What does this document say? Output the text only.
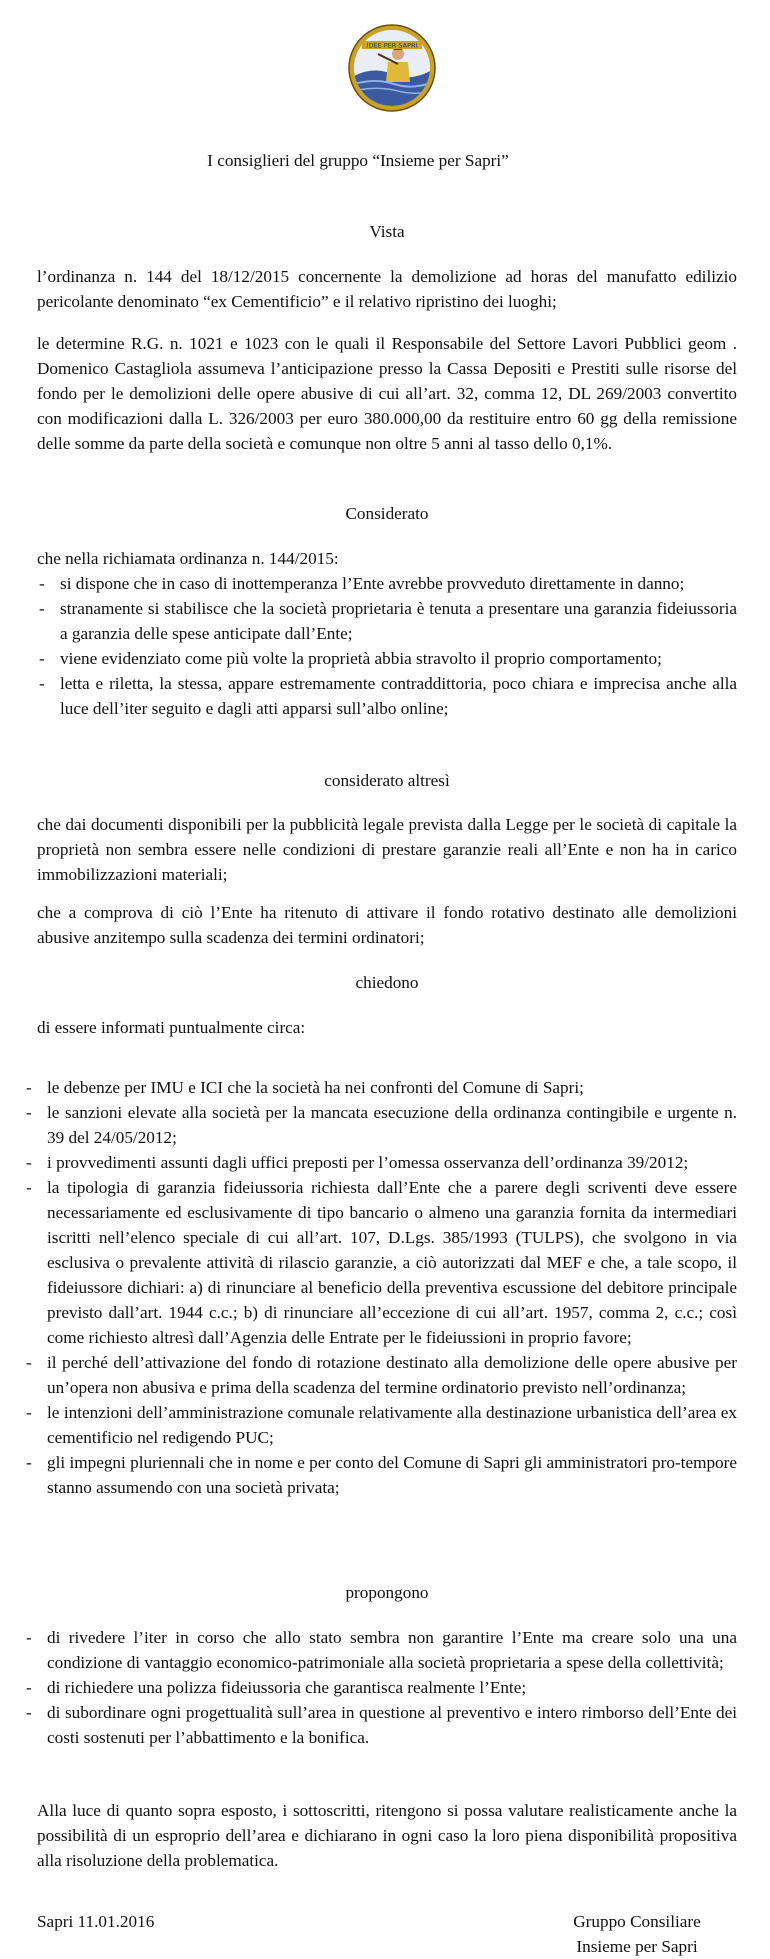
IDEE PER SAPRI
I consiglieri del gruppo “Insieme per Sapri”
Vista

l’ordinanza n. 144 del 18/12/2015 concernente la demolizione ad horas del manufatto edilizio pericolante denominato “ex Cementificio” e il relativo ripristino dei luoghi;

le determine R.G. n. 1021 e 1023 con le quali il Responsabile del Settore Lavori Pubblici geom . Domenico Castagliola assumeva l’anticipazione presso la Cassa Depositi e Prestiti sulle risorse del fondo per le demolizioni delle opere abusive di cui all’art. 32, comma 12, DL 269/2003 convertito con modificazioni dalla L. 326/2003 per euro 380.000,00 da restituire entro 60 gg della remissione delle somme da parte della società e comunque non oltre 5 anni al tasso dello 0,1%.

Considerato

che nella richiamata ordinanza n. 144/2015:

- si dispone che in caso di inottemperanza l’Ente avrebbe provveduto direttamente in danno;
- stranamente si stabilisce che la società proprietaria è tenuta a presentare una garanzia fideiussoria a garanzia delle spese anticipate dall’Ente;
- viene evidenziato come più volte la proprietà abbia stravolto il proprio comportamento;
- letta e riletta, la stessa, appare estremamente contraddittoria, poco chiara e imprecisa anche alla luce dell’iter seguito e dagli atti apparsi sull’albo online;
considerato altresì

che dai documenti disponibili per la pubblicità legale prevista dalla Legge per le società di capitale la proprietà non sembra essere nelle condizioni di prestare garanzie reali all’Ente e non ha in carico immobilizzazioni materiali;

che a comprova di ciò l’Ente ha ritenuto di attivare il fondo rotativo destinato alle demolizioni abusive anzitempo sulla scadenza dei termini ordinatori;

chiedono

di essere informati puntualmente circa:

- le debenze per IMU e ICI che la società ha nei confronti del Comune di Sapri;
- le sanzioni elevate alla società per la mancata esecuzione della ordinanza contingibile e urgente n. 39 del 24/05/2012;
- i provvedimenti assunti dagli uffici preposti per l’omessa osservanza dell’ordinanza 39/2012;
- la tipologia di garanzia fideiussoria richiesta dall’Ente che a parere degli scriventi deve essere necessariamente ed esclusivamente di tipo bancario o almeno una garanzia fornita da intermediari iscritti nell’elenco speciale di cui all’art. 107, D.Lgs. 385/1993 (TULPS), che svolgono in via esclusiva o prevalente attività di rilascio garanzie, a ciò autorizzati dal MEF e che, a tale scopo, il fideiussore dichiari: a) di rinunciare al beneficio della preventiva escussione del debitore principale previsto dall’art. 1944 c.c.; b) di rinunciare all’eccezione di cui all’art. 1957, comma 2, c.c.; così come richiesto altresì dall’Agenzia delle Entrate per le fideiussioni in proprio favore;
- il perché dell’attivazione del fondo di rotazione destinato alla demolizione delle opere abusive per un’opera non abusiva e prima della scadenza del termine ordinatorio previsto nell’ordinanza;
- le intenzioni dell’amministrazione comunale relativamente alla destinazione urbanistica dell’area ex cementificio nel redigendo PUC;
- gli impegni pluriennali che in nome e per conto del Comune di Sapri gli amministratori pro-tempore stanno assumendo con una società privata;
propongono
- di rivedere l’iter in corso che allo stato sembra non garantire l’Ente ma creare solo una una condizione di vantaggio economico-patrimoniale alla società proprietaria a spese della collettività;
- di richiedere una polizza fideiussoria che garantisca realmente l’Ente;
- di subordinare ogni progettualità sull’area in questione al preventivo e intero rimborso dell’Ente dei costi sostenuti per l’abbattimento e la bonifica.

Alla luce di quanto sopra esposto, i sottoscritti, ritengono si possa valutare realisticamente anche la possibilità di un esproprio dell’area e dichiarano in ogni caso la loro piena disponibilità propositiva alla risoluzione della problematica.

Sapri 11.01.2016	Gruppo Consiliare
Insieme per Sapri
